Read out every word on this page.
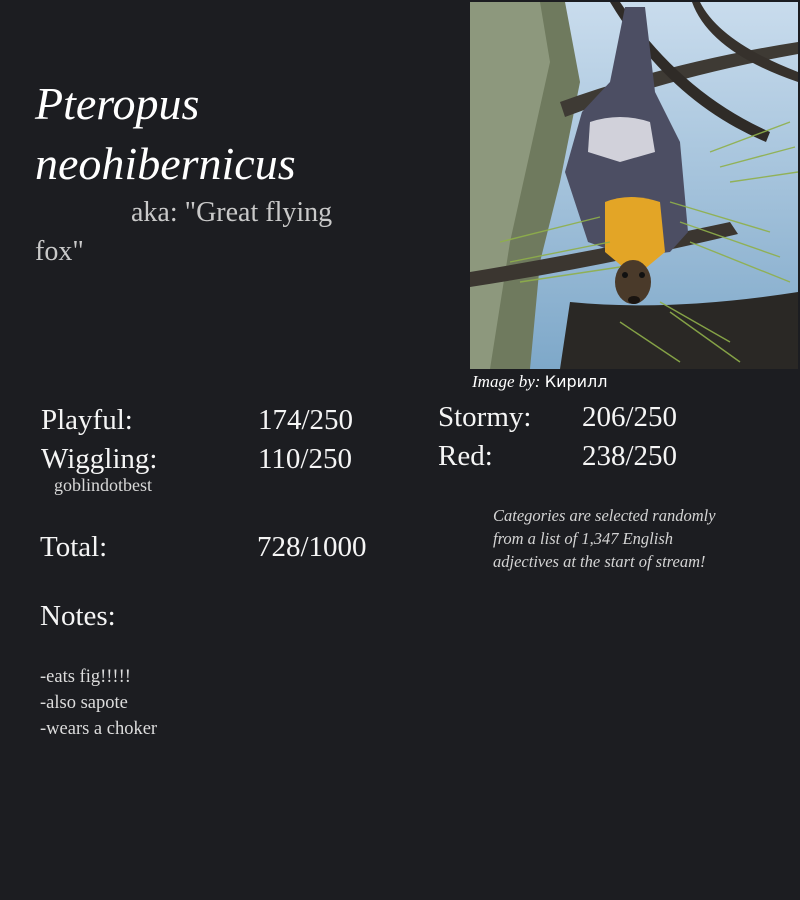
Pteropus
neohibernicus
aka: "Great flying fox"
Image by: Кирилл
Playful:	174/250
Wiggling:	110/250
Stormy: 206/250
Red:	238/250
goblindotbest
Total:	728/1000
Categories are selected randomly from a list of 1,347 English adjectives at the start of stream!
Notes:
-eats fig!!!!!
-also sapote
-wears a choker
